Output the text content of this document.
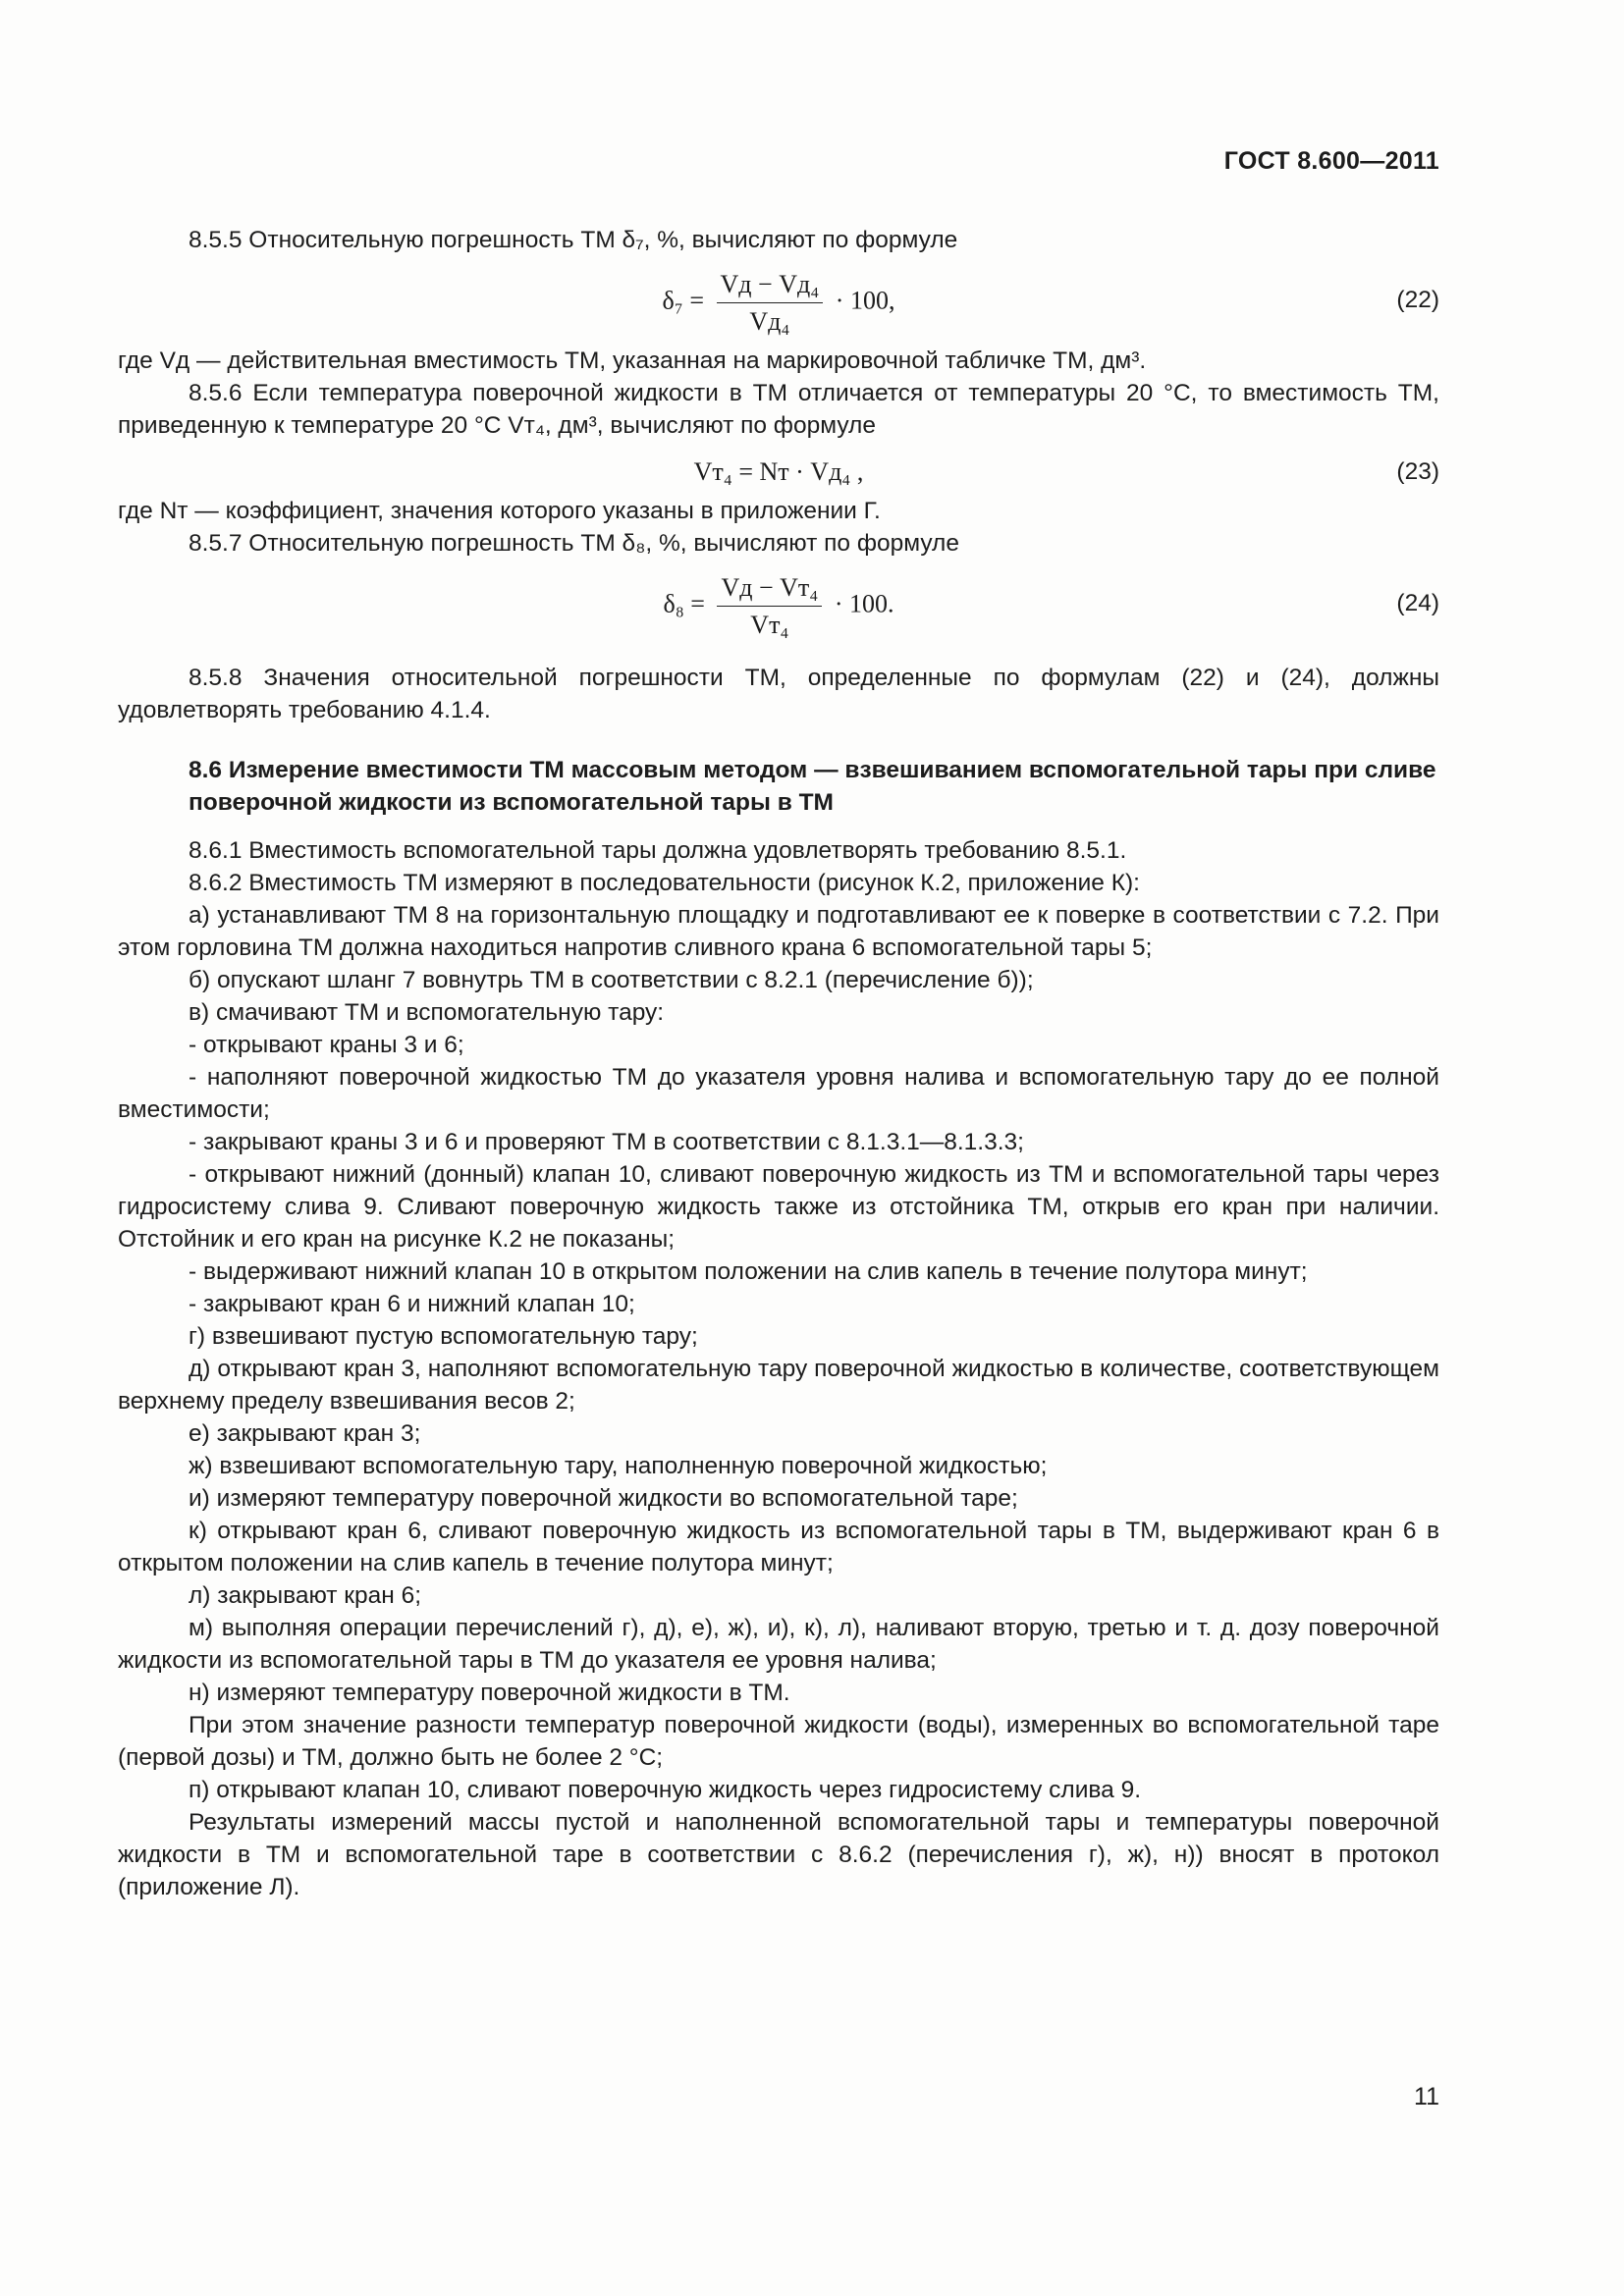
ГОСТ 8.600—2011

8.5.5 Относительную погрешность ТМ δ₇, %, вычисляют по формуле

$\delta_7 = \frac{\text{Vд − Vд₄}}{\text{Vд₄}} \cdot 100$,	(22)

где Vд — действительная вместимость ТМ, указанная на маркировочной табличке ТМ, дм³.

8.5.6 Если температура поверочной жидкости в ТМ отличается от температуры 20 °C, то вместимость ТМ, приведенную к температуре 20 °C Vт₄, дм³, вычисляют по формуле

Vт₄ = Nт · Vд₄ ,	(23)

где Nт — коэффициент, значения которого указаны в приложении Г.

8.5.7 Относительную погрешность ТМ δ₈, %, вычисляют по формуле

$\delta_8 = \frac{\text{Vд − Vт₄}}{\text{Vт₄}} \cdot 100$.	(24)

8.5.8 Значения относительной погрешности ТМ, определенные по формулам (22) и (24), должны удовлетворять требованию 4.1.4.

8.6 Измерение вместимости ТМ массовым методом — взвешиванием вспомогательной тары при сливе поверочной жидкости из вспомогательной тары в ТМ

8.6.1 Вместимость вспомогательной тары должна удовлетворять требованию 8.5.1.

8.6.2 Вместимость ТМ измеряют в последовательности (рисунок К.2, приложение К):

а) устанавливают ТМ 8 на горизонтальную площадку и подготавливают ее к поверке в соответствии с 7.2. При этом горловина ТМ должна находиться напротив сливного крана 6 вспомогательной тары 5;

б) опускают шланг 7 вовнутрь ТМ в соответствии с 8.2.1 (перечисление б));

в) смачивают ТМ и вспомогательную тару:

- открывают краны 3 и 6;

- наполняют поверочной жидкостью ТМ до указателя уровня налива и вспомогательную тару до ее полной вместимости;

- закрывают краны 3 и 6 и проверяют ТМ в соответствии с 8.1.3.1—8.1.3.3;

- открывают нижний (донный) клапан 10, сливают поверочную жидкость из ТМ и вспомогательной тары через гидросистему слива 9. Сливают поверочную жидкость также из отстойника ТМ, открыв его кран при наличии. Отстойник и его кран на рисунке К.2 не показаны;

- выдерживают нижний клапан 10 в открытом положении на слив капель в течение полутора минут;

- закрывают кран 6 и нижний клапан 10;

г) взвешивают пустую вспомогательную тару;

д) открывают кран 3, наполняют вспомогательную тару поверочной жидкостью в количестве, соответствующем верхнему пределу взвешивания весов 2;

е) закрывают кран 3;

ж) взвешивают вспомогательную тару, наполненную поверочной жидкостью;

и) измеряют температуру поверочной жидкости во вспомогательной таре;

к) открывают кран 6, сливают поверочную жидкость из вспомогательной тары в ТМ, выдерживают кран 6 в открытом положении на слив капель в течение полутора минут;

л) закрывают кран 6;

м) выполняя операции перечислений г), д), е), ж), и), к), л), наливают вторую, третью и т. д. дозу поверочной жидкости из вспомогательной тары в ТМ до указателя ее уровня налива;

н) измеряют температуру поверочной жидкости в ТМ.

При этом значение разности температур поверочной жидкости (воды), измеренных во вспомогательной таре (первой дозы) и ТМ, должно быть не более 2 °C;

п) открывают клапан 10, сливают поверочную жидкость через гидросистему слива 9.

Результаты измерений массы пустой и наполненной вспомогательной тары и температуры поверочной жидкости в ТМ и вспомогательной таре в соответствии с 8.6.2 (перечисления г), ж), н)) вносят в протокол (приложение Л).

11
